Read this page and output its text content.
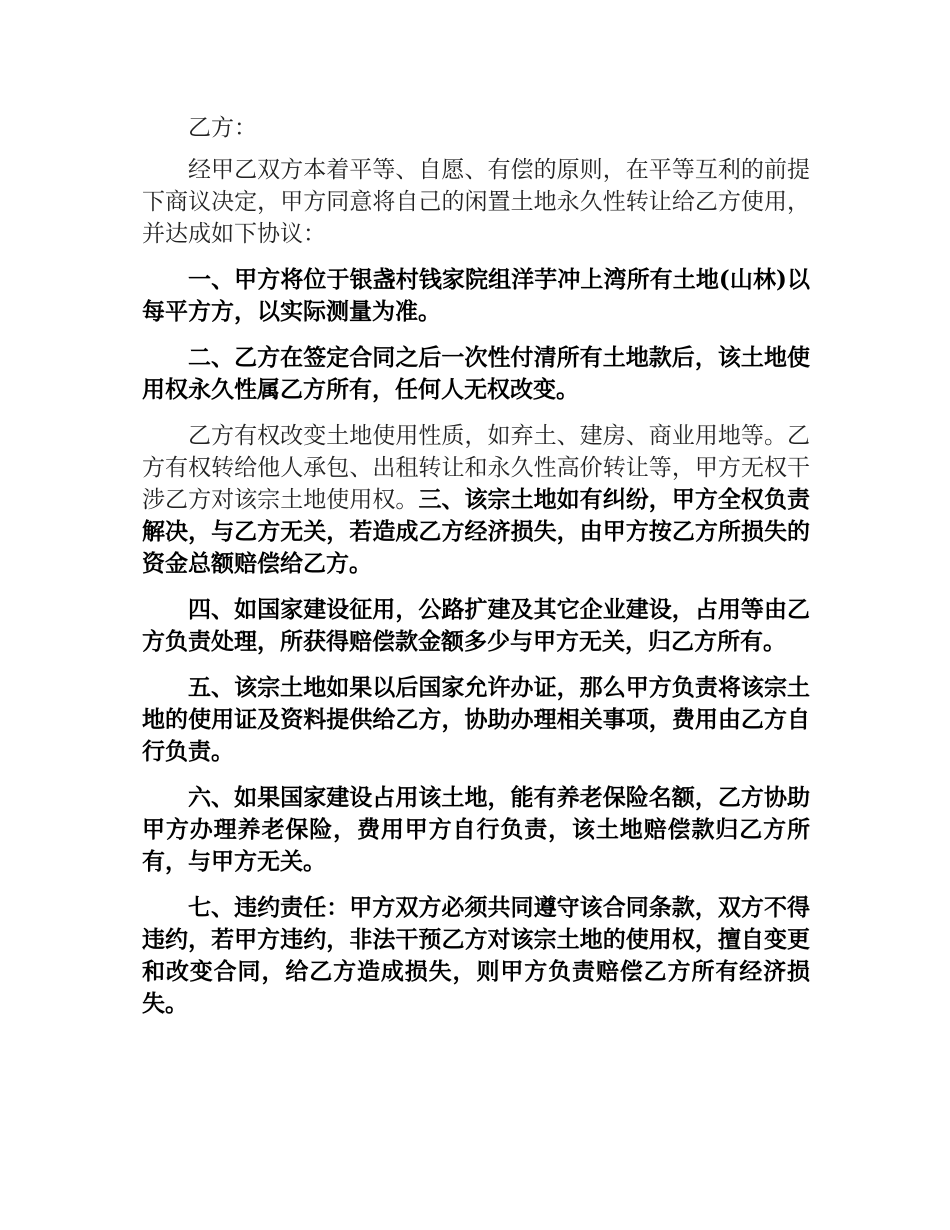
乙方：

经甲乙双方本着平等、自愿、有偿的原则，在平等互利的前提下商议决定，甲方同意将自己的闲置土地永久性转让给乙方使用，并达成如下协议：

一、甲方将位于银盏村钱家院组洋芋冲上湾所有土地(山林)以每平方方，以实际测量为准。

二、乙方在签定合同之后一次性付清所有土地款后，该土地使用权永久性属乙方所有，任何人无权改变。

乙方有权改变土地使用性质，如弃土、建房、商业用地等。乙方有权转给他人承包、出租转让和永久性高价转让等，甲方无权干涉乙方对该宗土地使用权。三、该宗土地如有纠纷，甲方全权负责解决，与乙方无关，若造成乙方经济损失，由甲方按乙方所损失的资金总额赔偿给乙方。

四、如国家建设征用，公路扩建及其它企业建设，占用等由乙方负责处理，所获得赔偿款金额多少与甲方无关，归乙方所有。

五、该宗土地如果以后国家允许办证，那么甲方负责将该宗土地的使用证及资料提供给乙方，协助办理相关事项，费用由乙方自行负责。

六、如果国家建设占用该土地，能有养老保险名额，乙方协助甲方办理养老保险，费用甲方自行负责，该土地赔偿款归乙方所有，与甲方无关。

七、违约责任：甲方双方必须共同遵守该合同条款，双方不得违约，若甲方违约，非法干预乙方对该宗土地的使用权，擅自变更和改变合同，给乙方造成损失，则甲方负责赔偿乙方所有经济损失。
